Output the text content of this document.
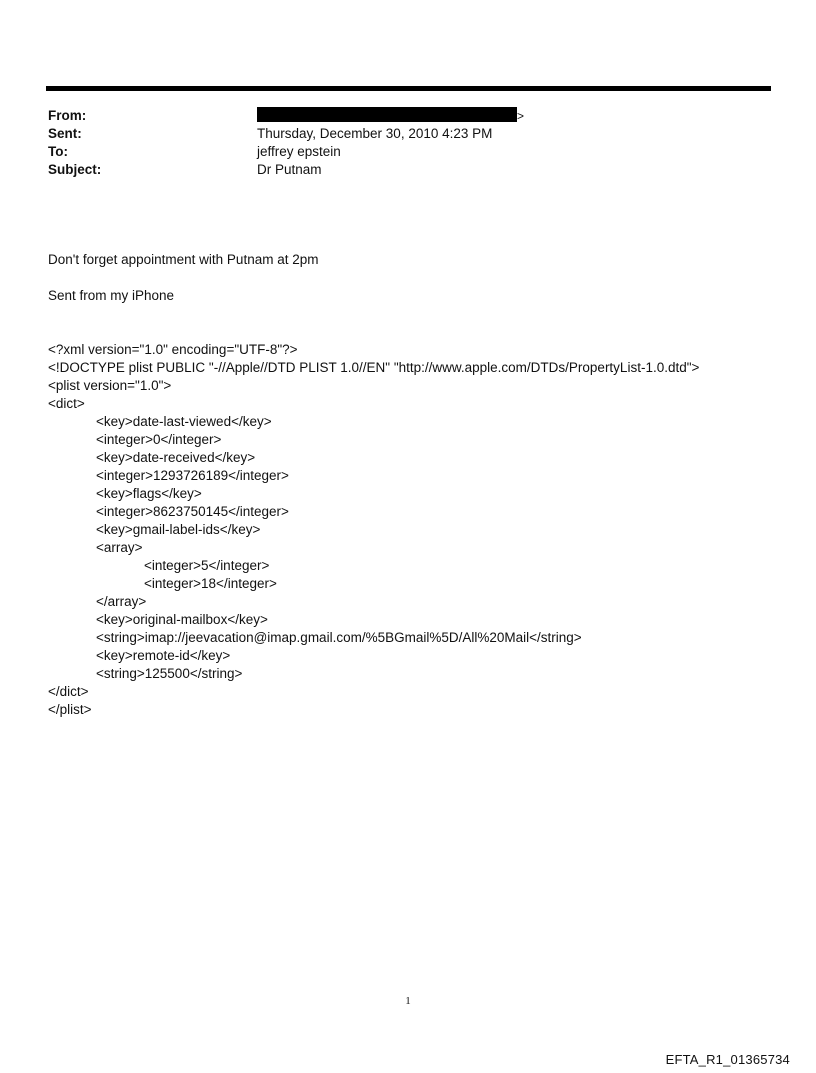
From:	>
Sent:	Thursday, December 30, 2010 4:23 PM
To:	jeffrey epstein
Subject:	Dr Putnam

Don't forget appointment with Putnam at 2pm

Sent from my iPhone

<?xml version="1.0" encoding="UTF-8"?>
<!DOCTYPE plist PUBLIC "-//Apple//DTD PLIST 1.0//EN" "http://www.apple.com/DTDs/PropertyList-1.0.dtd">
<plist version="1.0">
<dict>
<key>date-last-viewed</key>
<integer>0</integer>
<key>date-received</key>
<integer>1293726189</integer>
<key>flags</key>
<integer>8623750145</integer>
<key>gmail-label-ids</key>
<array>
<integer>5</integer>
<integer>18</integer>
</array>
<key>original-mailbox</key>
<string>imap://jeevacation@imap.gmail.com/%5BGmail%5D/All%20Mail</string>
<key>remote-id</key>
<string>125500</string>
</dict>
</plist>

1
EFTA_R1_01365734
